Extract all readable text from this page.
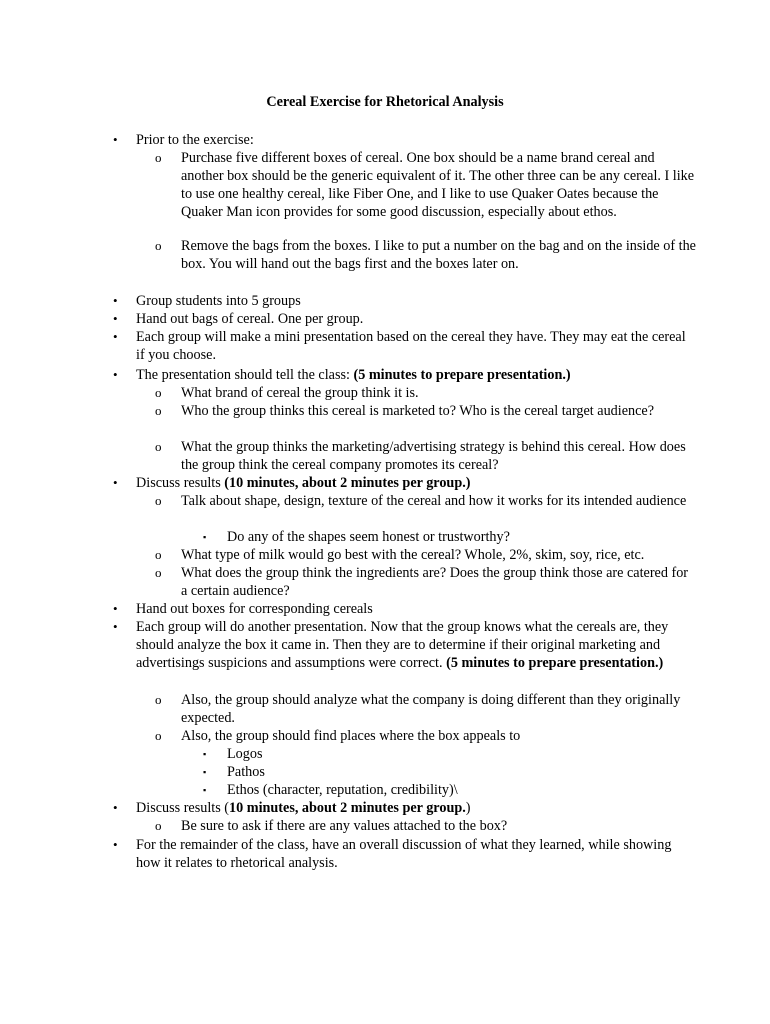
Cereal Exercise for Rhetorical Analysis
• Prior to the exercise:
o Purchase five different boxes of cereal. One box should be a name brand cereal and another box should be the generic equivalent of it. The other three can be any cereal. I like to use one healthy cereal, like Fiber One, and I like to use Quaker Oates because the Quaker Man icon provides for some good discussion, especially about ethos.
o Remove the bags from the boxes. I like to put a number on the bag and on the inside of the box. You will hand out the bags first and the boxes later on.
• Group students into 5 groups
• Hand out bags of cereal. One per group.
• Each group will make a mini presentation based on the cereal they have. They may eat the cereal if you choose.
• The presentation should tell the class: (5 minutes to prepare presentation.)
o What brand of cereal the group think it is.
o Who the group thinks this cereal is marketed to? Who is the cereal target audience?
o What the group thinks the marketing/advertising strategy is behind this cereal. How does the group think the cereal company promotes its cereal?
• Discuss results (10 minutes, about 2 minutes per group.)
o Talk about shape, design, texture of the cereal and how it works for its intended audience
▪ Do any of the shapes seem honest or trustworthy?
o What type of milk would go best with the cereal? Whole, 2%, skim, soy, rice, etc.
o What does the group think the ingredients are? Does the group think those are catered for a certain audience?
• Hand out boxes for corresponding cereals
• Each group will do another presentation. Now that the group knows what the cereals are, they should analyze the box it came in. Then they are to determine if their original marketing and advertisings suspicions and assumptions were correct. (5 minutes to prepare presentation.)
o Also, the group should analyze what the company is doing different than they originally expected.
o Also, the group should find places where the box appeals to
▪ Logos
▪ Pathos
▪ Ethos (character, reputation, credibility)\
• Discuss results (10 minutes, about 2 minutes per group.)
o Be sure to ask if there are any values attached to the box?
• For the remainder of the class, have an overall discussion of what they learned, while showing how it relates to rhetorical analysis.
